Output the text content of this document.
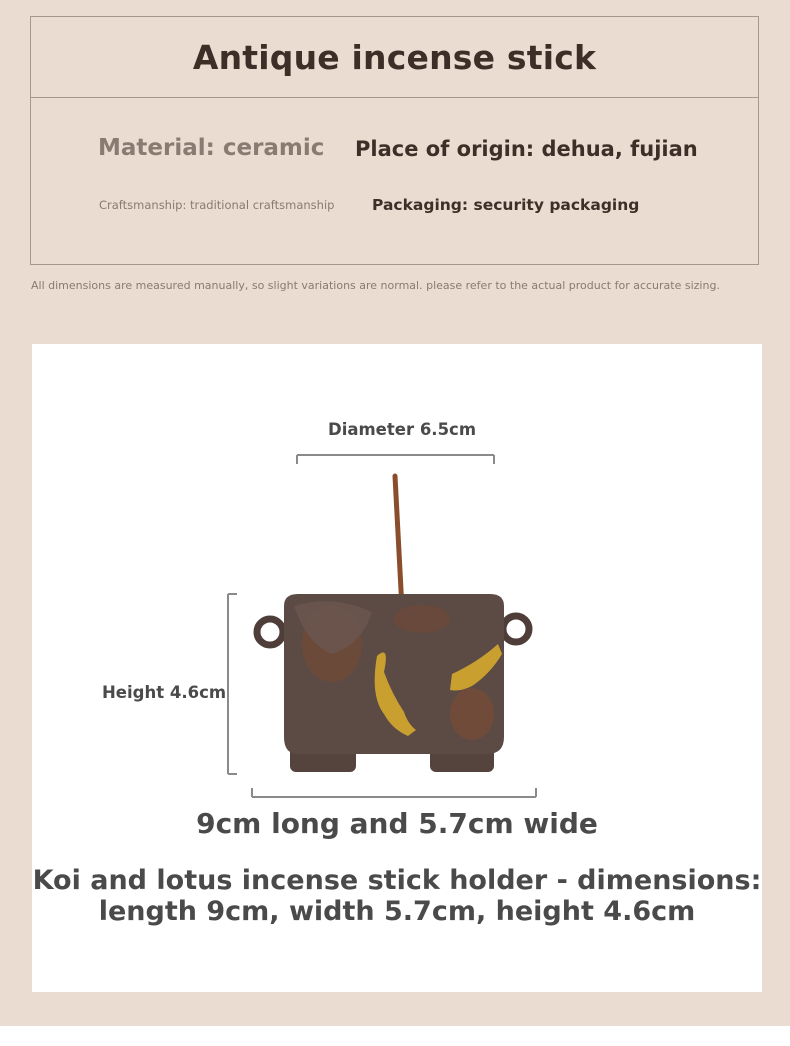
Antique incense stick
Material: ceramic Place of origin: dehua, fujian
Craftsmanship: traditional craftsmanship Packaging: security packaging
All dimensions are measured manually, so slight variations are normal. please refer to the actual product for accurate sizing.
Diameter 6.5cm
Height 4.6cm
9cm long and 5.7cm wide
Koi and lotus incense stick holder - dimensions:
length 9cm, width 5.7cm, height 4.6cm
